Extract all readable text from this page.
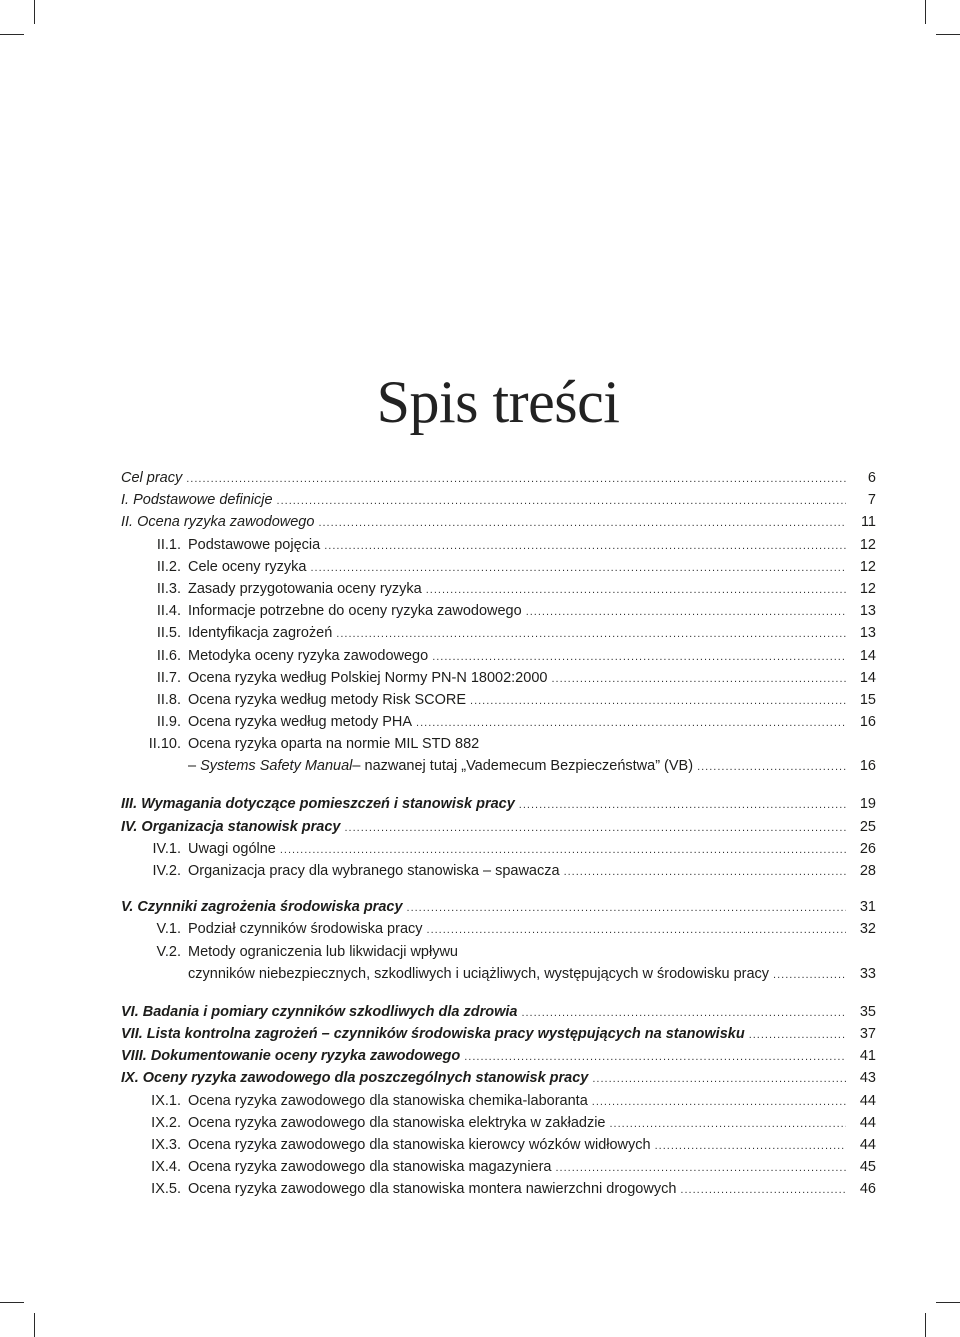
Spis treści
Cel pracy .....	6
I. Podstawowe definicje .....	7
II. Ocena ryzyka zawodowego .....	11
II.1. Podstawowe pojęcia .....	12
II.2. Cele oceny ryzyka .....	12
II.3. Zasady przygotowania oceny ryzyka .....	12
II.4. Informacje potrzebne do oceny ryzyka zawodowego .....	13
II.5. Identyfikacja zagrożeń .....	13
II.6. Metodyka oceny ryzyka zawodowego .....	14
II.7. Ocena ryzyka według Polskiej Normy PN-N 18002:2000 .....	14
II.8. Ocena ryzyka według metody Risk SCORE .....	15
II.9. Ocena ryzyka według metody PHA .....	16
II.10. Ocena ryzyka oparta na normie MIL STD 882
– Systems Safety Manual– nazwanej tutaj „Vademecum Bezpieczeństwa” (VB) .....	16
III. Wymagania dotyczące pomieszczeń i stanowisk pracy .....	19
IV. Organizacja stanowisk pracy .....	25
IV.1. Uwagi ogólne .....	26
IV.2. Organizacja pracy dla wybranego stanowiska – spawacza .....	28
V. Czynniki zagrożenia środowiska pracy .....	31
V.1. Podział czynników środowiska pracy .....	32
V.2. Metody ograniczenia lub likwidacji wpływu
czynników niebezpiecznych, szkodliwych i uciążliwych, występujących w środowisku pracy .....	33
VI. Badania i pomiary czynników szkodliwych dla zdrowia .....	35
VII. Lista kontrolna zagrożeń – czynników środowiska pracy występujących na stanowisku .....	37
VIII. Dokumentowanie oceny ryzyka zawodowego .....	41
IX. Oceny ryzyka zawodowego dla poszczególnych stanowisk pracy .....	43
IX.1. Ocena ryzyka zawodowego dla stanowiska chemika-laboranta .....	44
IX.2. Ocena ryzyka zawodowego dla stanowiska elektryka w zakładzie .....	44
IX.3. Ocena ryzyka zawodowego dla stanowiska kierowcy wózków widłowych .....	44
IX.4. Ocena ryzyka zawodowego dla stanowiska magazyniera .....	45
IX.5. Ocena ryzyka zawodowego dla stanowiska montera nawierzchni drogowych .....	46
